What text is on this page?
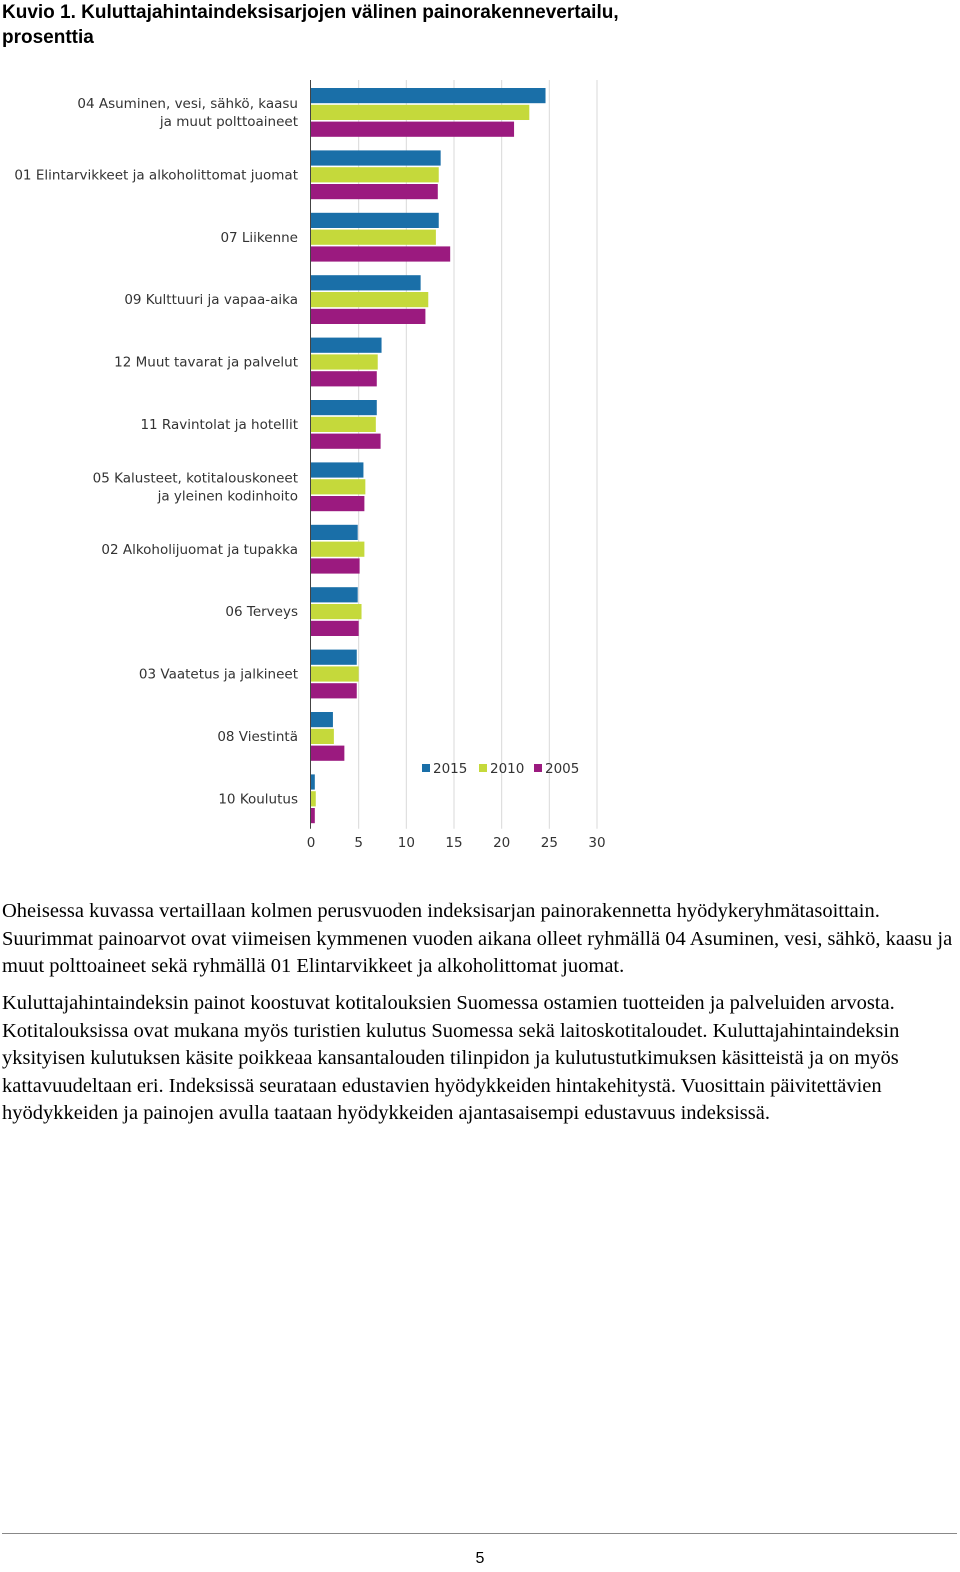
Kuvio 1. Kuluttajahintaindeksisarjojen välinen painorakennevertailu,
prosenttia
04 Asuminen, vesi, sähkö, kaasu
ja muut polttoaineet
01 Elintarvikkeet ja alkoholittomat juomat
07 Liikenne
09 Kulttuuri ja vapaa-aika
12 Muut tavarat ja palvelut
11 Ravintolat ja hotellit
05 Kalusteet, kotitalouskoneet
ja yleinen kodinhoito
02 Alkoholijuomat ja tupakka
06 Terveys
03 Vaatetus ja jalkineet
08 Viestintä
10 Koulutus
0	5	10 15 20 25 30
2015 2010 2005

Oheisessa kuvassa vertaillaan kolmen perusvuoden indeksisarjan painorakennetta hyödykeryhmätasoittain. Suurimmat painoarvot ovat viimeisen kymmenen vuoden aikana olleet ryhmällä 04 Asuminen, vesi, sähkö, kaasu ja muut polttoaineet sekä ryhmällä 01 Elintarvikkeet ja alkoholittomat juomat.

Kuluttajahintaindeksin painot koostuvat kotitalouksien Suomessa ostamien tuotteiden ja palveluiden arvosta. Kotitalouksissa ovat mukana myös turistien kulutus Suomessa sekä laitoskotitaloudet. Kuluttajahintaindeksin yksityisen kulutuksen käsite poikkeaa kansantalouden tilinpidon ja kulutustutkimuksen käsitteistä ja on myös kattavuudeltaan eri. Indeksissä seurataan edustavien hyödykkeiden hintakehitystä. Vuosittain päivitettävien hyödykkeiden ja painojen avulla taataan hyödykkeiden ajantasaisempi edustavuus indeksissä.

5
